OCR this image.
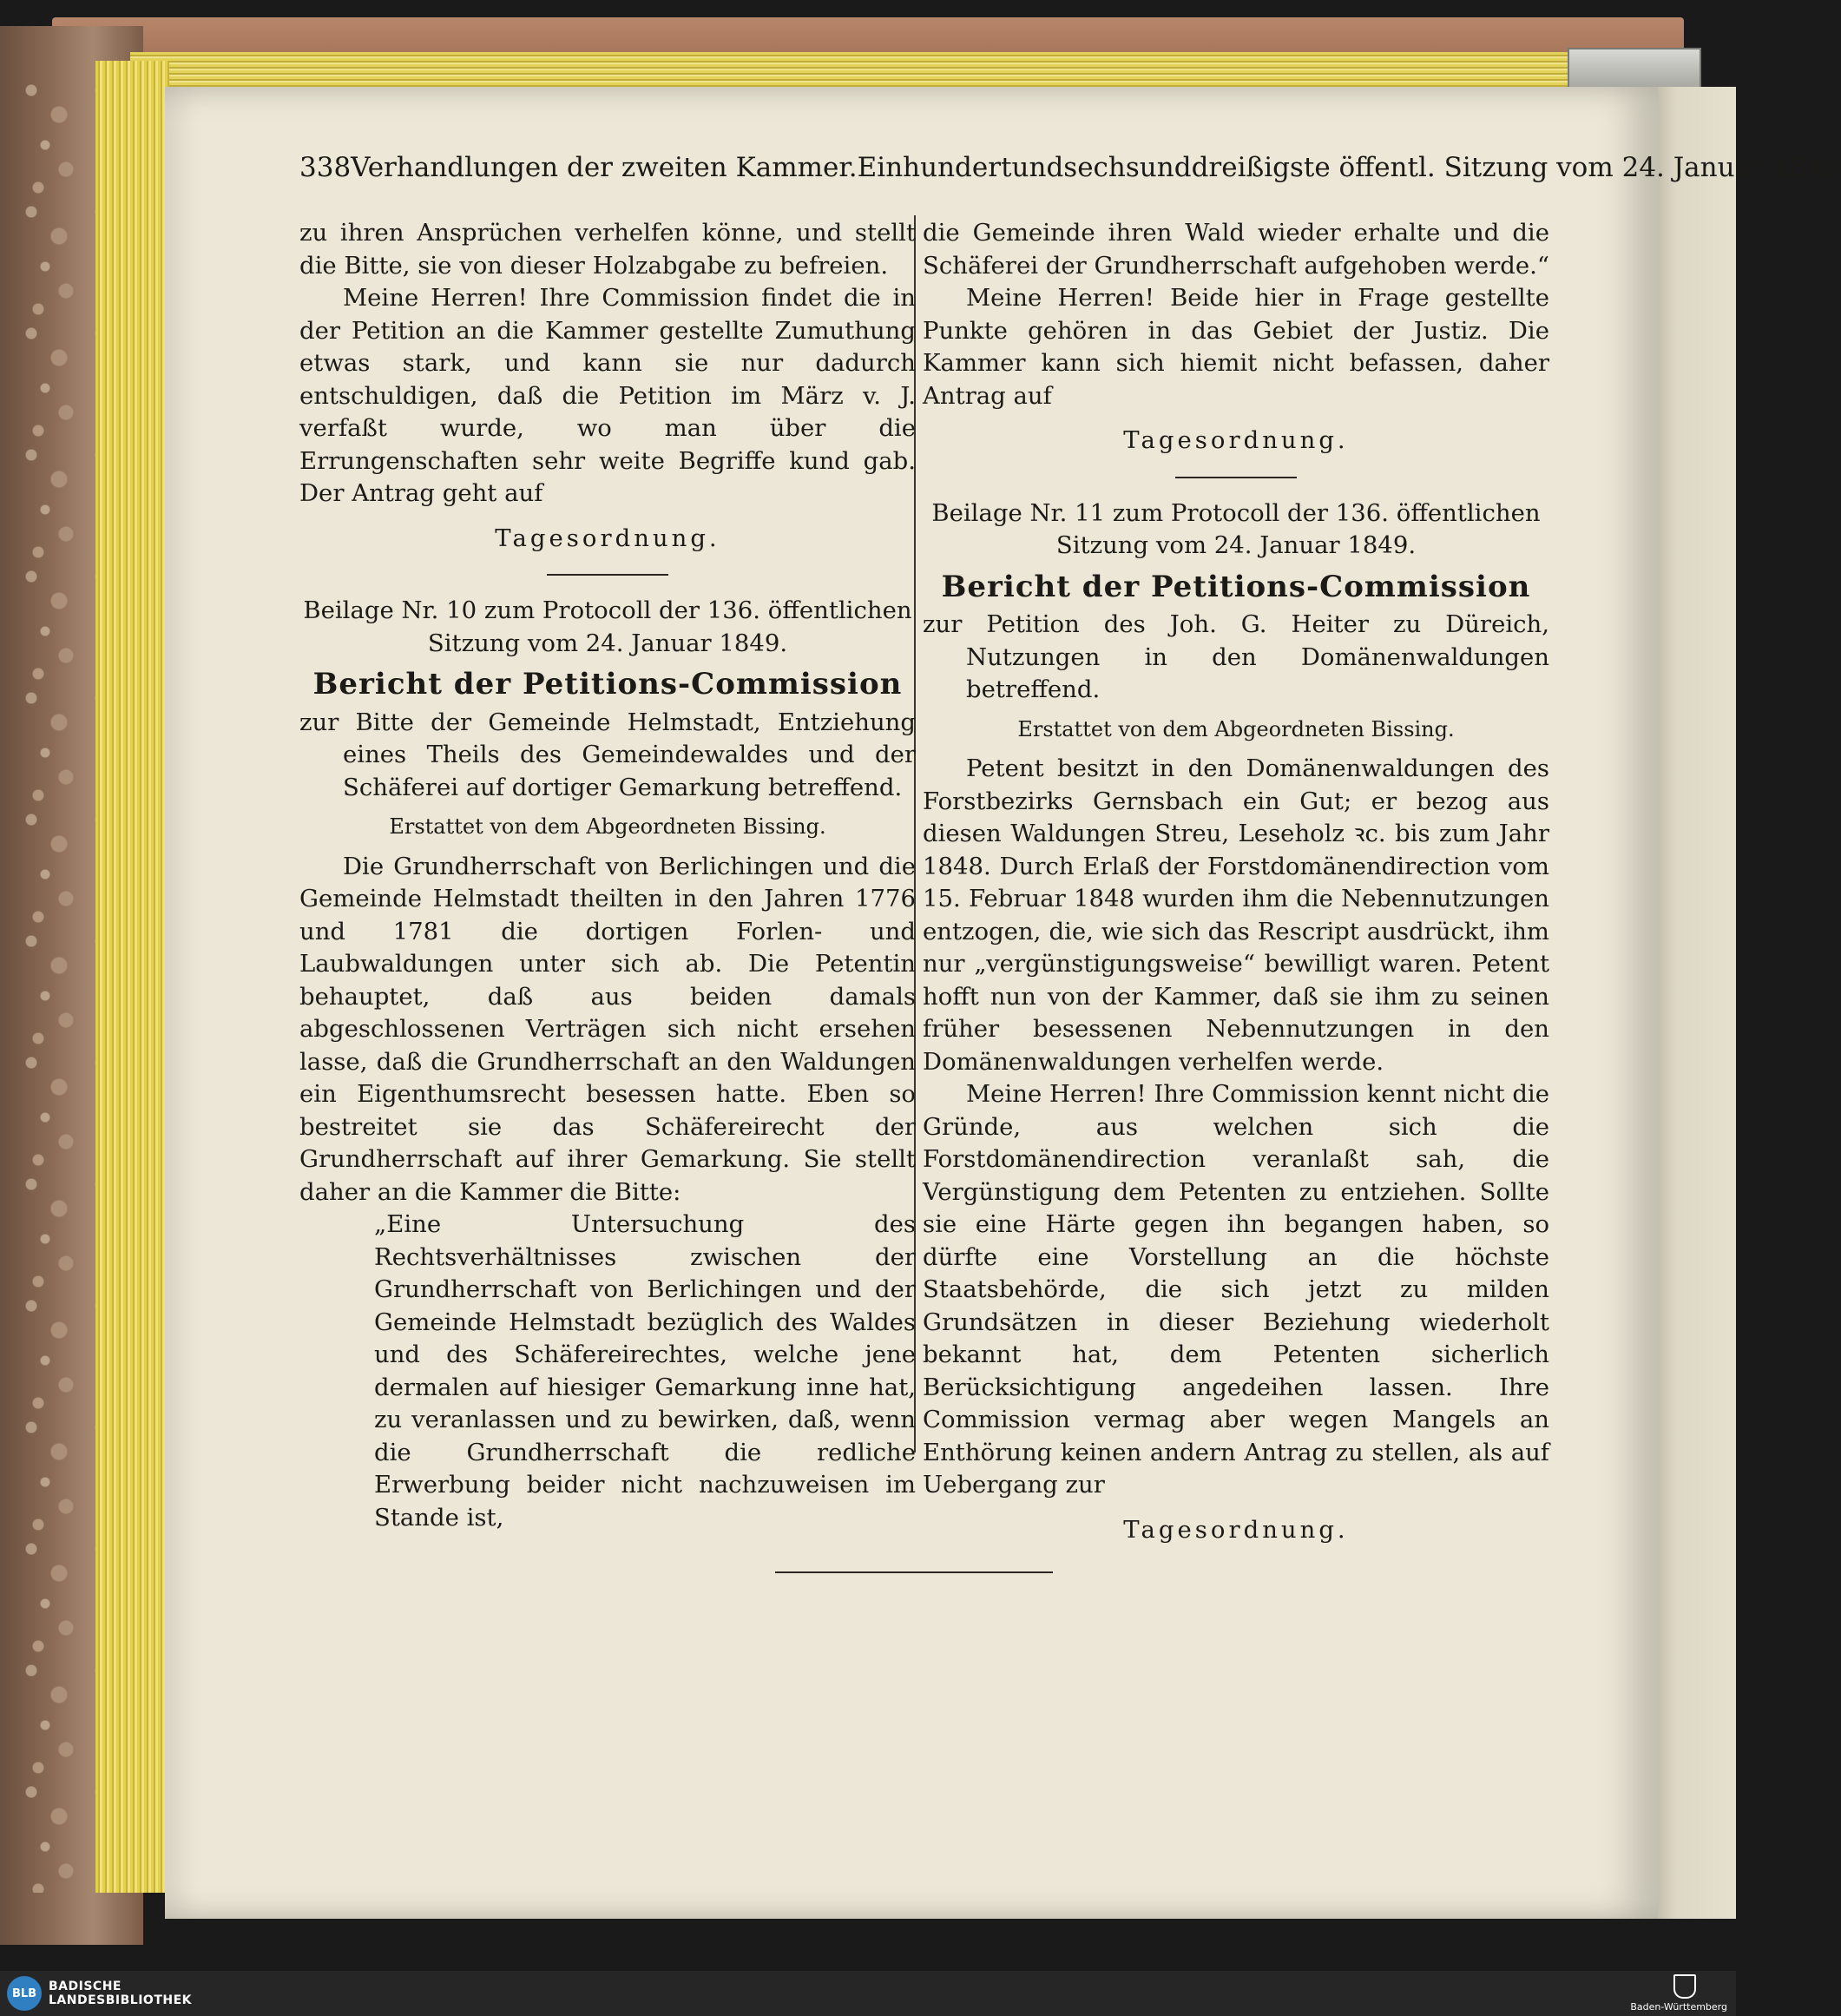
338 Verhandlungen der zweiten Kammer. Einhundertundsechsunddreißigste öffentl. Sitzung vom 24. Januar 1849

zu ihren Ansprüchen verhelfen könne, und stellt die Bitte, sie von dieser Holzabgabe zu befreien.

Meine Herren! Ihre Commission findet die in der Petition an die Kammer gestellte Zumuthung etwas stark, und kann sie nur dadurch entschuldigen, daß die Petition im März v. J. verfaßt wurde, wo man über die Errungenschaften sehr weite Begriffe kund gab. Der Antrag geht auf

Tagesordnung.

Beilage Nr. 10 zum Protocoll der 136. öffentlichen Sitzung vom 24. Januar 1849.

Bericht der Petitions-Commission

zur Bitte der Gemeinde Helmstadt, Entziehung eines Theils des Gemeindewaldes und der Schäferei auf dortiger Gemarkung betreffend.

Erstattet von dem Abgeordneten Bissing.

Die Grundherrschaft von Berlichingen und die Gemeinde Helmstadt theilten in den Jahren 1776 und 1781 die dortigen Forlen- und Laubwaldungen unter sich ab. Die Petentin behauptet, daß aus beiden damals abgeschlossenen Verträgen sich nicht ersehen lasse, daß die Grundherrschaft an den Waldungen ein Eigenthumsrecht besessen hatte. Eben so bestreitet sie das Schäfereirecht der Grundherrschaft auf ihrer Gemarkung. Sie stellt daher an die Kammer die Bitte:

„Eine Untersuchung des Rechtsverhältnisses zwischen der Grundherrschaft von Berlichingen und der Gemeinde Helmstadt bezüglich des Waldes und des Schäfereirechtes, welche jene dermalen auf hiesiger Gemarkung inne hat, zu veranlassen und zu bewirken, daß, wenn die Grundherrschaft die redliche Erwerbung beider nicht nachzuweisen im Stande ist,

die Gemeinde ihren Wald wieder erhalte und die Schäferei der Grundherrschaft aufgehoben werde.“

Meine Herren! Beide hier in Frage gestellte Punkte gehören in das Gebiet der Justiz. Die Kammer kann sich hiemit nicht befassen, daher Antrag auf

Tagesordnung.

Beilage Nr. 11 zum Protocoll der 136. öffentlichen Sitzung vom 24. Januar 1849.

Bericht der Petitions-Commission

zur Petition des Joh. G. Heiter zu Düreich, Nutzungen in den Domänenwaldungen betreffend.

Erstattet von dem Abgeordneten Bissing.

Petent besitzt in den Domänenwaldungen des Forstbezirks Gernsbach ein Gut; er bezog aus diesen Waldungen Streu, Leseholz ꝛc. bis zum Jahr 1848. Durch Erlaß der Forstdomänendirection vom 15. Februar 1848 wurden ihm die Nebennutzungen entzogen, die, wie sich das Rescript ausdrückt, ihm nur „vergünstigungsweise“ bewilligt waren. Petent hofft nun von der Kammer, daß sie ihm zu seinen früher besessenen Nebennutzungen in den Domänenwaldungen verhelfen werde.

Meine Herren! Ihre Commission kennt nicht die Gründe, aus welchen sich die Forstdomänendirection veranlaßt sah, die Vergünstigung dem Petenten zu entziehen. Sollte sie eine Härte gegen ihn begangen haben, so dürfte eine Vorstellung an die höchste Staatsbehörde, die sich jetzt zu milden Grundsätzen in dieser Beziehung wiederholt bekannt hat, dem Petenten sicherlich Berücksichtigung angedeihen lassen. Ihre Commission vermag aber wegen Mangels an Enthörung keinen andern Antrag zu stellen, als auf Uebergang zur

Tagesordnung.

BLB BADISCHE
LANDESBIBLIOTHEK	Baden-Württemberg
